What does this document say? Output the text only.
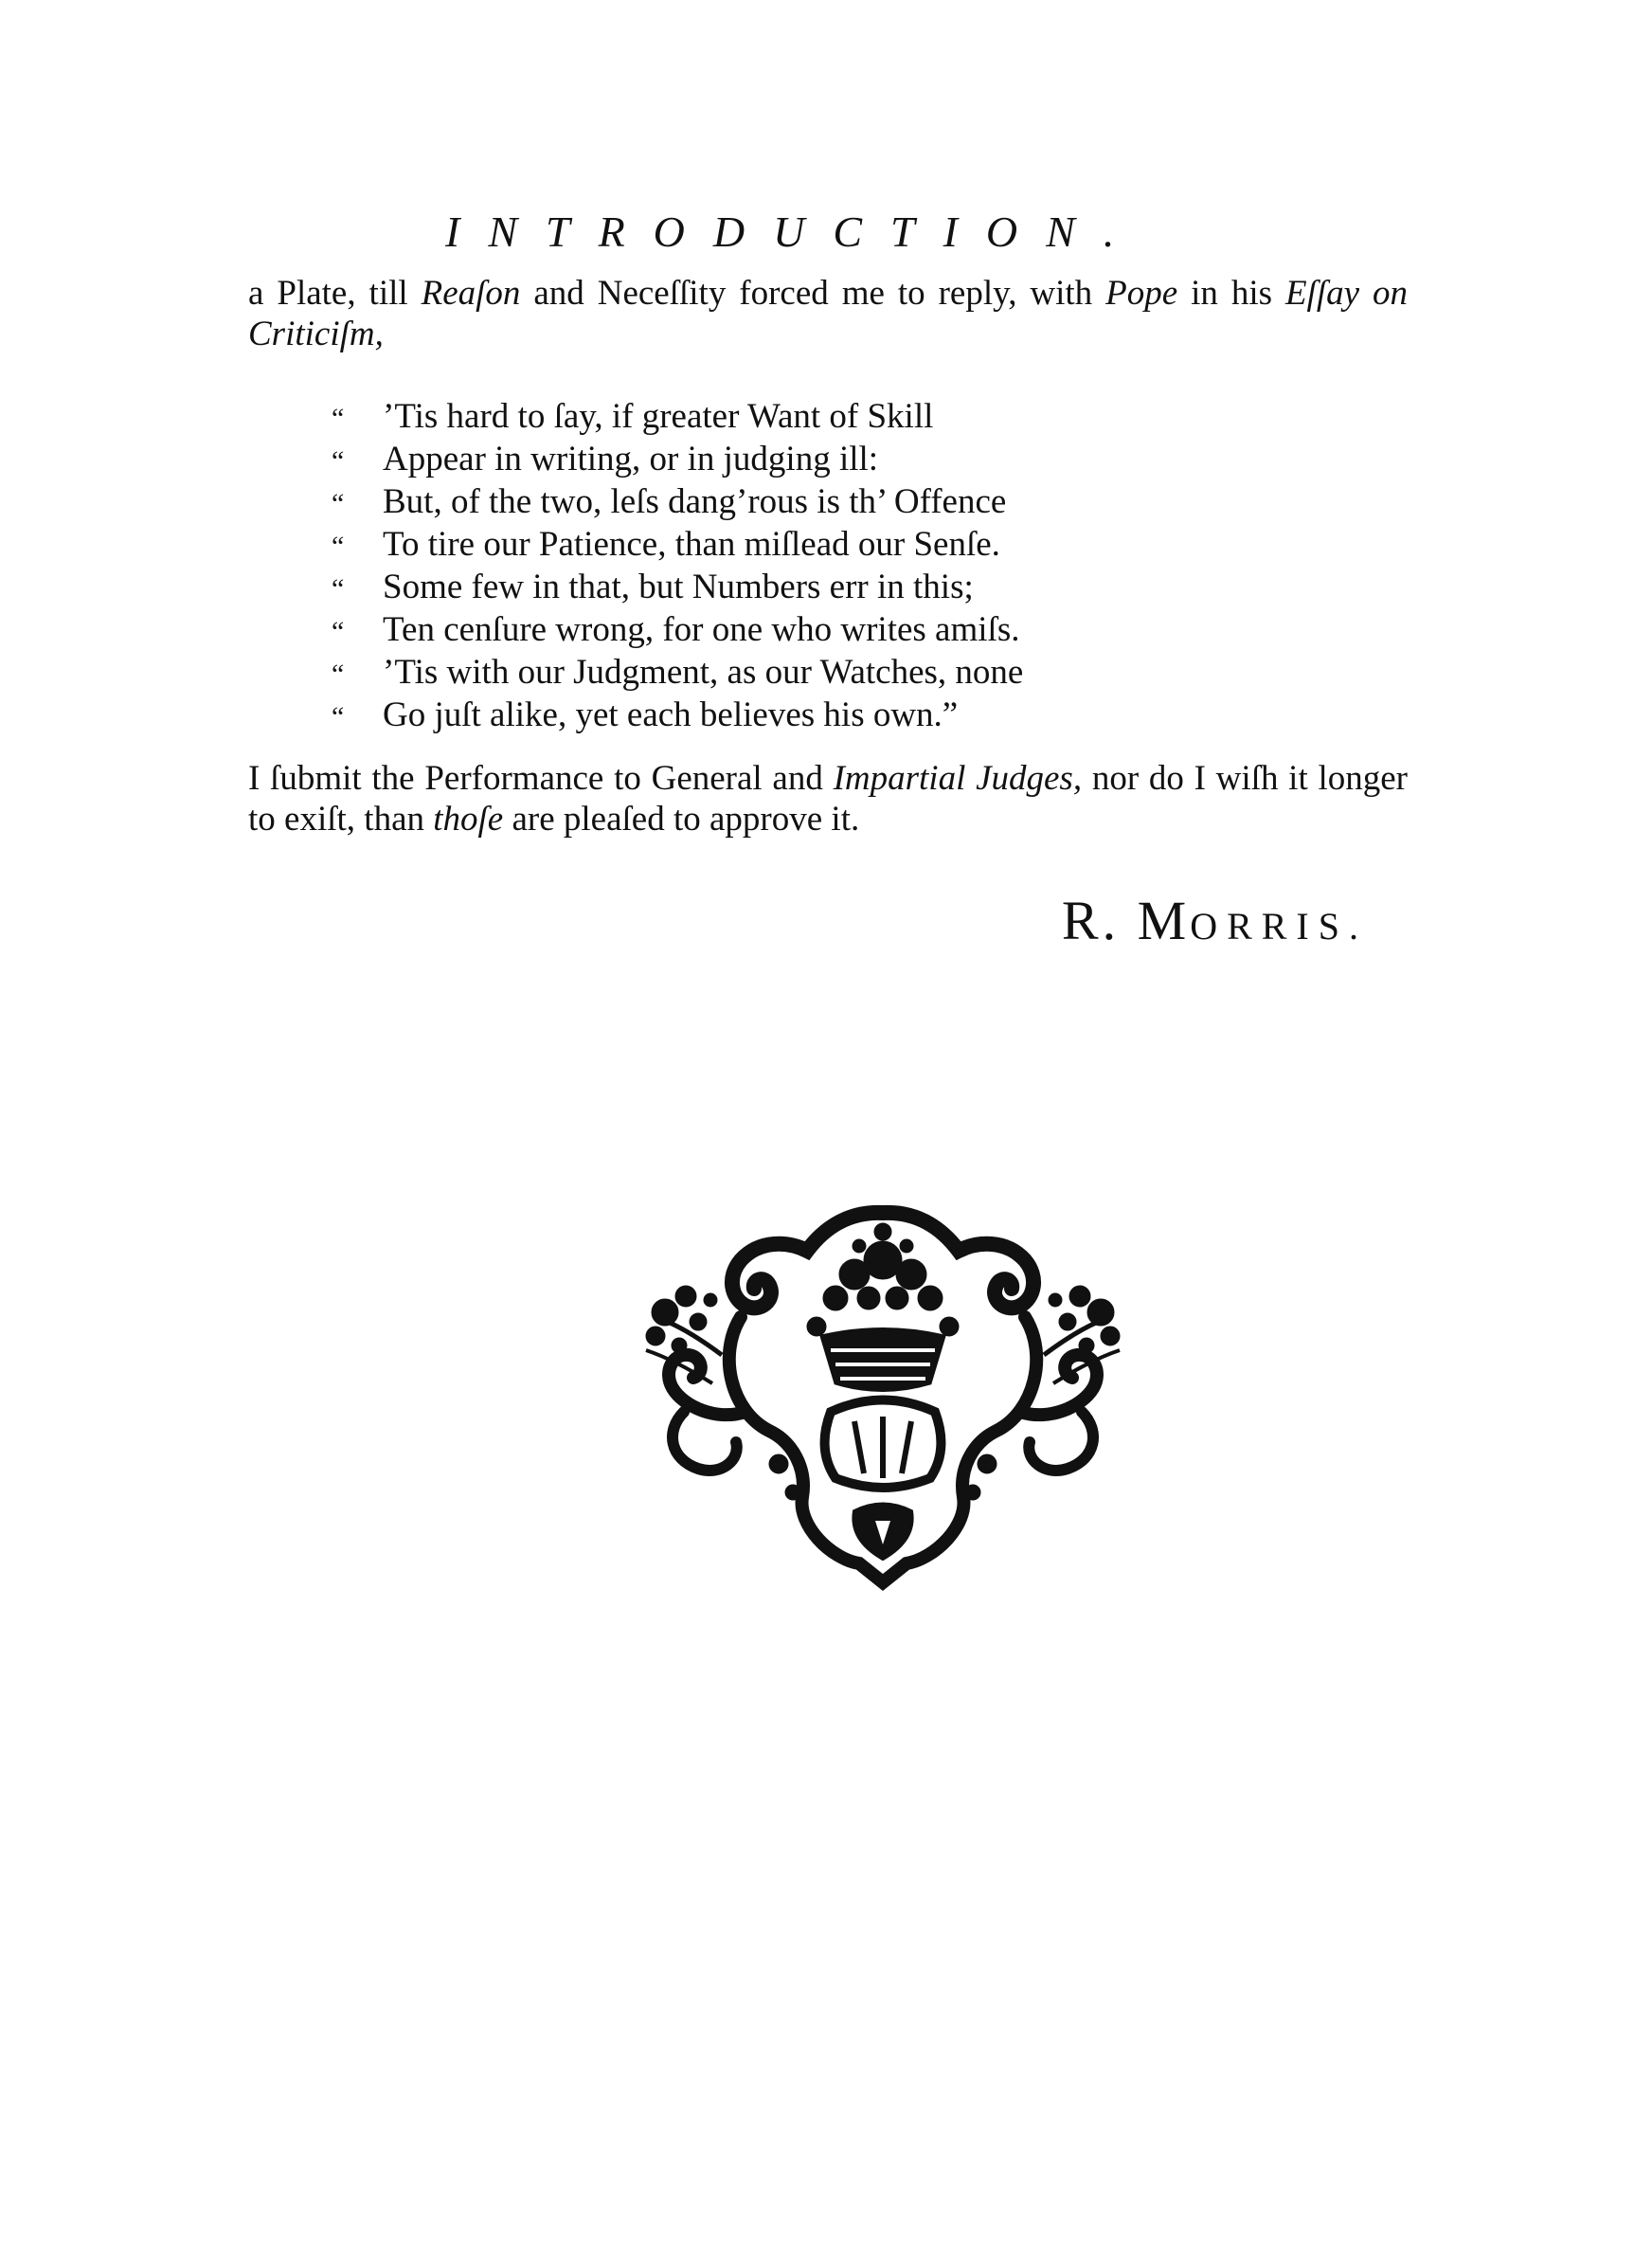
INTRODUCTION.

a Plate, till Reaſon and Neceſſity forced me to reply, with Pope in his Eſſay on Criticiſm,

“ ’Tis hard to ſay, if greater Want of Skill
“ Appear in writing, or in judging ill:
“ But, of the two, leſs dang’rous is th’ Offence
“ To tire our Patience, than miſlead our Senſe.
“ Some few in that, but Numbers err in this;
“ Ten cenſure wrong, for one who writes amiſs.
“ ’Tis with our Judgment, as our Watches, none
“ Go juſt alike, yet each believes his own.”

I ſubmit the Performance to General and Impartial Judges, nor do I wiſh it longer to exiſt, than thoſe are pleaſed to approve it.

R. MORRIS.
